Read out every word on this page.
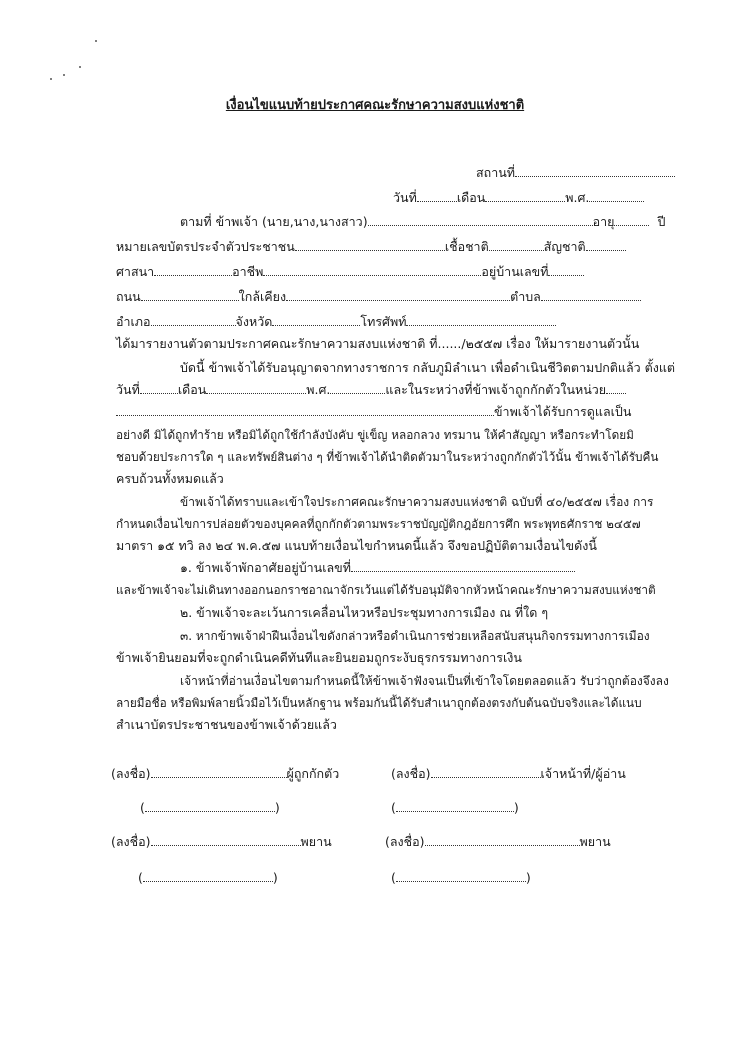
เงื่อนไขแนบท้ายประกาศคณะรักษาความสงบแห่งชาติ
สถานที่
วันที่	เดือน	พ.ศ.
ตามที่ ข้าพเจ้า (นาย,นาง,นางสาว)	อายุ	ปี
หมายเลขบัตรประจำตัวประชาชน	เชื้อชาติ	สัญชาติ
ศาสนา	อาชีพ	อยู่บ้านเลขที่
ถนน	ใกล้เคียง	ตำบล
อำเภอ	จังหวัด	โทรศัพท์
ได้มารายงานตัวตามประกาศคณะรักษาความสงบแห่งชาติ ที่....../๒๕๕๗ เรื่อง ให้มารายงานตัวนั้น
บัดนี้ ข้าพเจ้าได้รับอนุญาตจากทางราชการ กลับภูมิลำเนา เพื่อดำเนินชีวิตตามปกติแล้ว ตั้งแต่
วันที่	เดือน	พ.ศ.	และในระหว่างที่ข้าพเจ้าถูกกักตัวในหน่วย
ข้าพเจ้าได้รับการดูแลเป็น
อย่างดี มิได้ถูกทำร้าย หรือมิได้ถูกใช้กำลังบังคับ ขู่เข็ญ หลอกลวง ทรมาน ให้คำสัญญา หรือกระทำโดยมิ
ชอบด้วยประการใด ๆ และทรัพย์สินต่าง ๆ ที่ข้าพเจ้าได้นำติดตัวมาในระหว่างถูกกักตัวไว้นั้น ข้าพเจ้าได้รับคืน
ครบถ้วนทั้งหมดแล้ว
ข้าพเจ้าได้ทราบและเข้าใจประกาศคณะรักษาความสงบแห่งชาติ ฉบับที่ ๔๐/๒๕๕๗ เรื่อง การ
กำหนดเงื่อนไขการปล่อยตัวของบุคคลที่ถูกกักตัวตามพระราชบัญญัติกฎอัยการศึก พระพุทธศักราช ๒๔๕๗
มาตรา ๑๕ ทวิ ลง ๒๔ พ.ค.๕๗ แนบท้ายเงื่อนไขกำหนดนี้แล้ว จึงขอปฏิบัติตามเงื่อนไขดังนี้
๑. ข้าพเจ้าพักอาศัยอยู่บ้านเลขที่
และข้าพเจ้าจะไม่เดินทางออกนอกราชอาณาจักรเว้นแต่ได้รับอนุมัติจากหัวหน้าคณะรักษาความสงบแห่งชาติ
๒. ข้าพเจ้าจะละเว้นการเคลื่อนไหวหรือประชุมทางการเมือง ณ ที่ใด ๆ
๓. หากข้าพเจ้าฝ่าฝืนเงื่อนไขดังกล่าวหรือดำเนินการช่วยเหลือสนับสนุนกิจกรรมทางการเมือง
ข้าพเจ้ายินยอมที่จะถูกดำเนินคดีทันทีและยินยอมถูกระงับธุรกรรมทางการเงิน
เจ้าหน้าที่อ่านเงื่อนไขตามกำหนดนี้ให้ข้าพเจ้าฟังจนเป็นที่เข้าใจโดยตลอดแล้ว รับว่าถูกต้องจึงลง
ลายมือชื่อ หรือพิมพ์ลายนิ้วมือไว้เป็นหลักฐาน พร้อมกันนี้ได้รับสำเนาถูกต้องตรงกับต้นฉบับจริงและได้แนบ
สำเนาบัตรประชาชนของข้าพเจ้าด้วยแล้ว
(ลงชื่อ)	ผู้ถูกกักตัว	(ลงชื่อ)	เจ้าหน้าที่/ผู้อ่าน
(	)	(	)
(ลงชื่อ)	พยาน	(ลงชื่อ)	พยาน
(	)	(	)
